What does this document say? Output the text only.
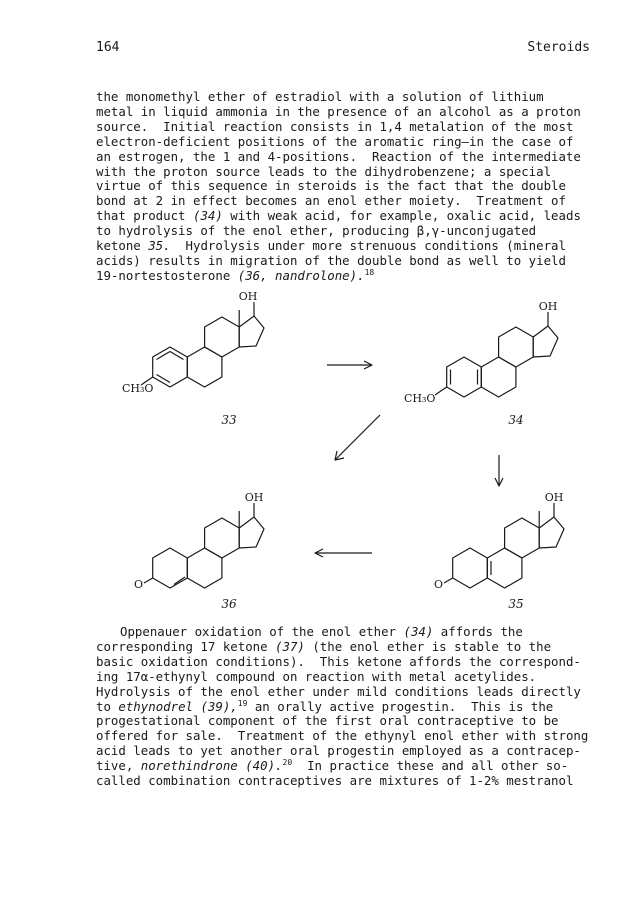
164	Steroids

the monomethyl ether of estradiol with a solution of lithium
metal in liquid ammonia in the presence of an alcohol as a proton
source.  Initial reaction consists in 1,4 metalation of the most
electron-deficient positions of the aromatic ring—in the case of
an estrogen, the 1 and 4-positions.  Reaction of the intermediate
with the proton source leads to the dihydrobenzene; a special
virtue of this sequence in steroids is the fact that the double
bond at 2 in effect becomes an enol ether moiety.  Treatment of
that product (34) with weak acid, for example, oxalic acid, leads
to hydrolysis of the enol ether, producing β,γ-unconjugated
ketone 35.  Hydrolysis under more strenuous conditions (mineral
acids) results in migration of the double bond as well to yield
19-nortestosterone (36, nandrolone).$^{18}$

OH
CH₃O
OH
CH₃O
OH
O
OH
O
33	34
35
36

Oppenauer oxidation of the enol ether (34) affords the
corresponding 17 ketone (37) (the enol ether is stable to the
basic oxidation conditions).  This ketone affords the correspond-
ing 17α-ethynyl compound on reaction with metal acetylides.
Hydrolysis of the enol ether under mild conditions leads directly
to ethynodrel (39),$^{19}$ an orally active progestin.  This is the
progestational component of the first oral contraceptive to be
offered for sale.  Treatment of the ethynyl enol ether with strong
acid leads to yet another oral progestin employed as a contracep-
tive, norethindrone (40).$^{20}$  In practice these and all other so-
called combination contraceptives are mixtures of 1-2% mestranol
